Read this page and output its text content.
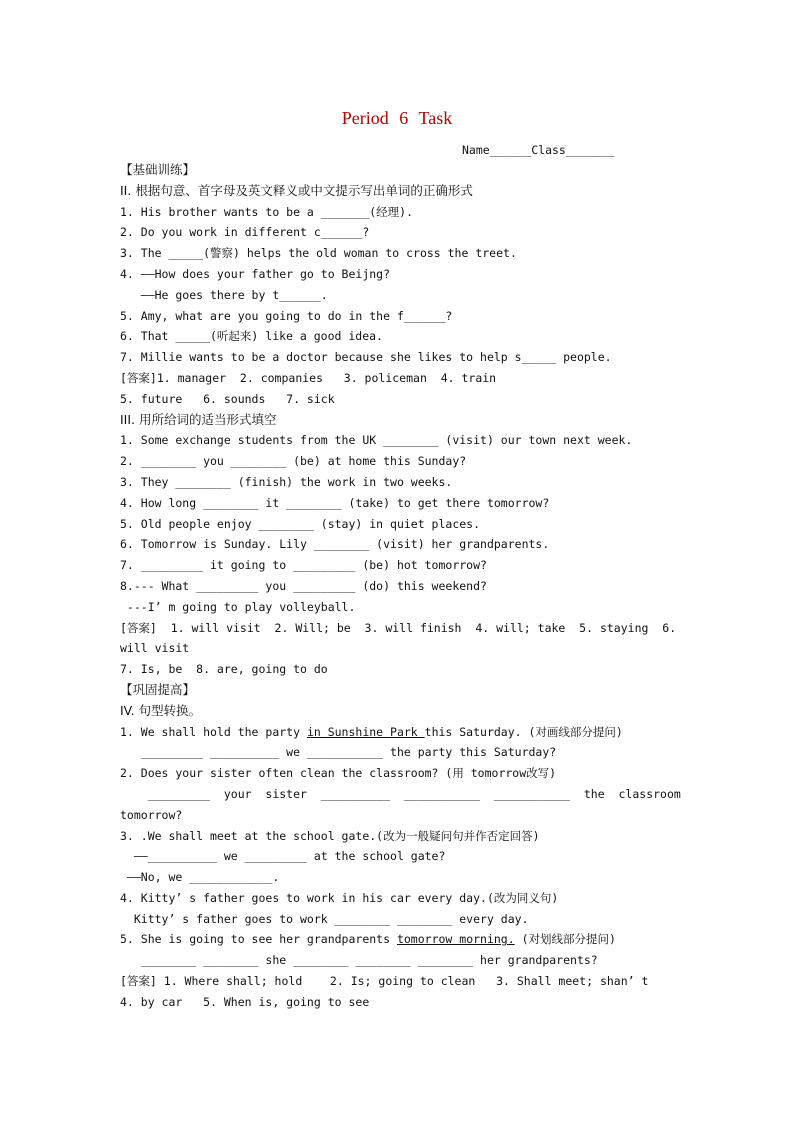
Period 6 Task
Name______Class_______
【基础训练】
II. 根据句意、首字母及英文释义或中文提示写出单词的正确形式
1. His brother wants to be a _______(经理).
2. Do you work in different c______?
3. The _____(警察) helps the old woman to cross the treet.
4. ——How does your father go to Beijng?
——He goes there by t______.
5. Amy, what are you going to do in the f______?
6. That _____(听起来) like a good idea.
7. Millie wants to be a doctor because she likes to help s_____ people.
[答案]1. manager  2. companies   3. policeman  4. train
5. future   6. sounds   7. sick
III. 用所给词的适当形式填空
1. Some exchange students from the UK ________ (visit) our town next week.
2. ________ you ________ (be) at home this Sunday?
3. They ________ (finish) the work in two weeks.
4. How long ________ it ________ (take) to get there tomorrow?
5. Old people enjoy ________ (stay) in quiet places.
6. Tomorrow is Sunday. Lily ________ (visit) her grandparents.
7. _________ it going to _________ (be) hot tomorrow?
8.--- What _________ you _________ (do) this weekend?
---I’ m going to play volleyball.
[答案]  1. will visit  2. Will; be  3. will finish  4. will; take  5. staying  6.
will visit
7. Is, be  8. are, going to do
【巩固提高】
IV. 句型转换。
1. We shall hold the party in Sunshine Park this Saturday. (对画线部分提问)
_________ __________ we ___________ the party this Saturday?
2. Does your sister often clean the classroom? (用 tomorrow改写)
_________  your  sister  __________  ___________  ___________  the  classroom
tomorrow?
3. .We shall meet at the school gate.(改为一般疑问句并作否定回答)
——__________ we _________ at the school gate?
——No, we ____________.
4. Kitty’ s father goes to work in his car every day.(改为同义句)
Kitty’ s father goes to work ________ ________ every day.
5. She is going to see her grandparents tomorrow morning. (对划线部分提问)
________ ________ she ________ ________ ________ her grandparents?
[答案] 1. Where shall; hold    2. Is; going to clean   3. Shall meet; shan’ t
4. by car   5. When is, going to see
